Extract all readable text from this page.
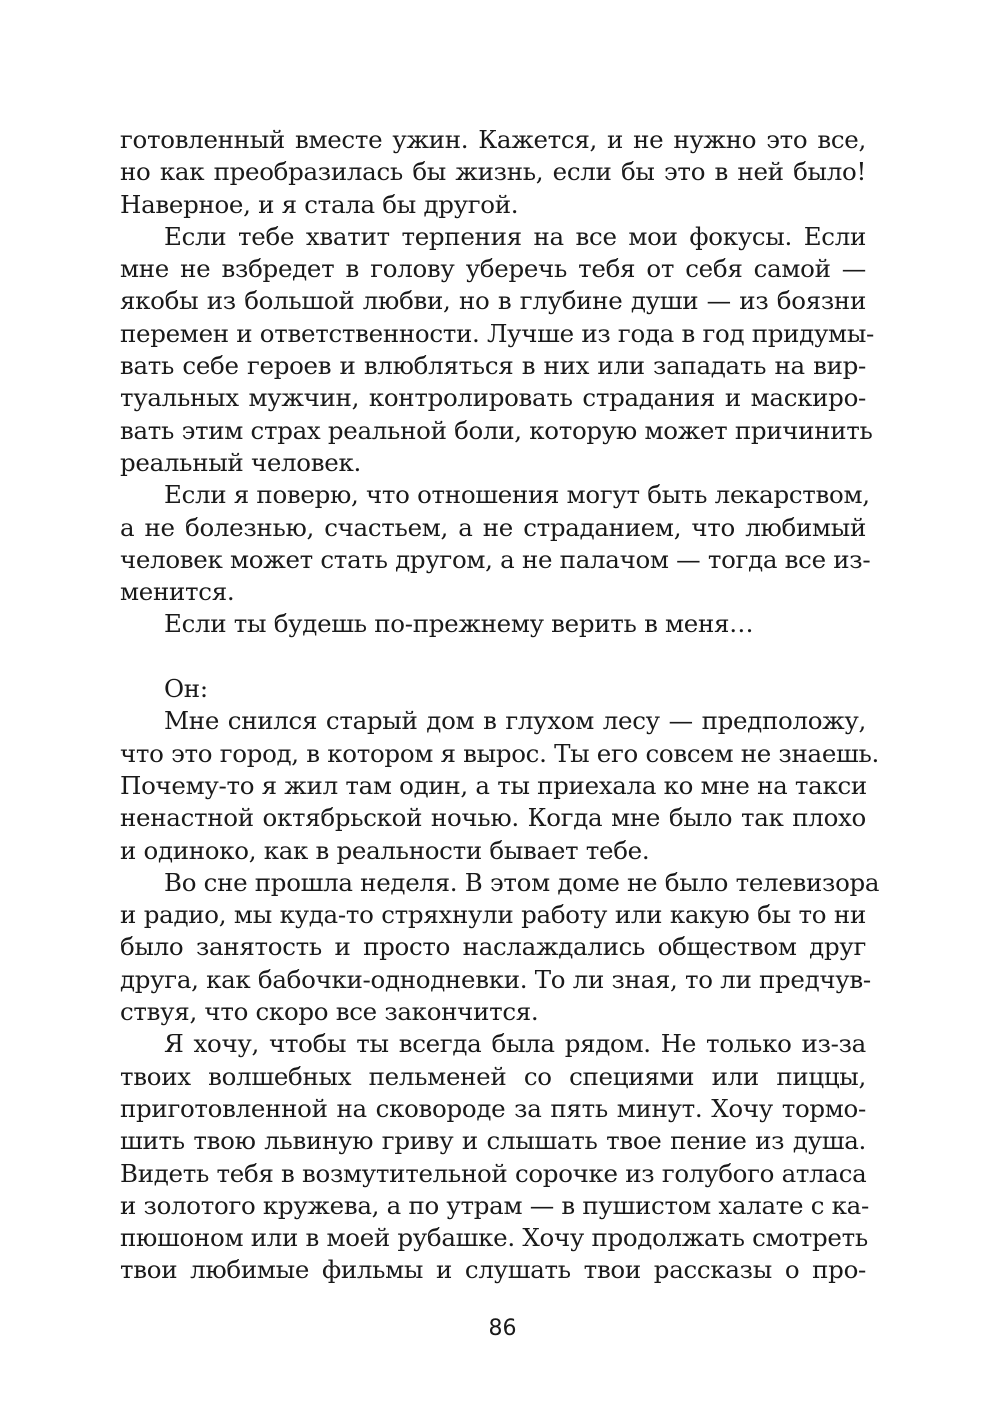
готовленный вместе ужин. Кажется, и не нужно это все,
но как преобразилась бы жизнь, если бы это в ней было!
Наверное, и я стала бы другой.
Если тебе хватит терпения на все мои фокусы. Если
мне не взбредет в голову уберечь тебя от себя самой —
якобы из большой любви, но в глубине души — из боязни
перемен и ответственности. Лучше из года в год придумы-
вать себе героев и влюбляться в них или западать на вир-
туальных мужчин, контролировать страдания и маскиро-
вать этим страх реальной боли, которую может причинить
реальный человек.
Если я поверю, что отношения могут быть лекарством,
а не болезнью, счастьем, а не страданием, что любимый
человек может стать другом, а не палачом — тогда все из-
менится.
Если ты будешь по-прежнему верить в меня…
Он:
Мне снился старый дом в глухом лесу — предположу,
что это город, в котором я вырос. Ты его совсем не знаешь.
Почему-то я жил там один, а ты приехала ко мне на такси
ненастной октябрьской ночью. Когда мне было так плохо
и одиноко, как в реальности бывает тебе.
Во сне прошла неделя. В этом доме не было телевизора
и радио, мы куда-то стряхнули работу или какую бы то ни
было занятость и просто наслаждались обществом друг
друга, как бабочки-однодневки. То ли зная, то ли предчув-
ствуя, что скоро все закончится.
Я хочу, чтобы ты всегда была рядом. Не только из-за
твоих волшебных пельменей со специями или пиццы,
приготовленной на сковороде за пять минут. Хочу тормо-
шить твою львиную гриву и слышать твое пение из душа.
Видеть тебя в возмутительной сорочке из голубого атласа
и золотого кружева, а по утрам — в пушистом халате с ка-
пюшоном или в моей рубашке. Хочу продолжать смотреть
твои любимые фильмы и слушать твои рассказы о про-
86
